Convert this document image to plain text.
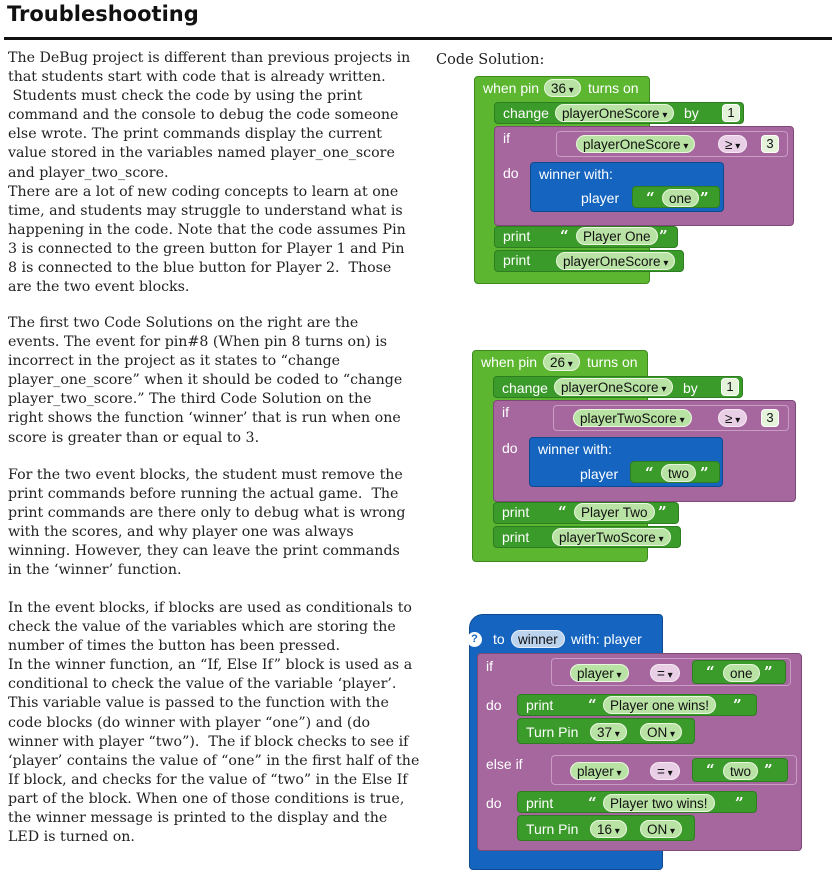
Troubleshooting

The DeBug project is different than previous projects in
that students start with code that is already written.
Students must check the code by using the print
command and the console to debug the code someone
else wrote. The print commands display the current
value stored in the variables named player_one_score
and player_two_score.
There are a lot of new coding concepts to learn at one
time, and students may struggle to understand what is
happening in the code. Note that the code assumes Pin
3 is connected to the green button for Player 1 and Pin
8 is connected to the blue button for Player 2.  Those
are the two event blocks.

The first two Code Solutions on the right are the
events. The event for pin#8 (When pin 8 turns on) is
incorrect in the project as it states to “change
player_one_score” when it should be coded to “change
player_two_score.” The third Code Solution on the
right shows the function ‘winner’ that is run when one
score is greater than or equal to 3.

For the two event blocks, the student must remove the
print commands before running the actual game.  The
print commands are there only to debug what is wrong
with the scores, and why player one was always
winning. However, they can leave the print commands
in the ‘winner’ function.

In the event blocks, if blocks are used as conditionals to
check the value of the variables which are storing the
number of times the button has been pressed.
In the winner function, an “If, Else If” block is used as a
conditional to check the value of the variable ‘player’.
This variable value is passed to the function with the
code blocks (do winner with player “one”) and (do
winner with player “two”).  The if block checks to see if
‘player’ contains the value of “one” in the first half of the
If block, and checks for the value of “two” in the Else If
part of the block. When one of those conditions is true,
the winner message is printed to the display and the
LED is turned on.

Code Solution:
when pin 36 ▾	turns on
change playerOneScore ▾	by	1
if	playerOneScore ▾	≥ ▾	3
do winner with:
player “	one ”
print “	Player One ”
print	playerOneScore ▾
when pin 26 ▾	turns on
change playerOneScore ▾	by	1
if	playerTwoScore ▾	≥ ▾	3
do winner with:
player “	two ”
print “	Player Two ”
print	playerTwoScore ▾
? to winner with: player
if	player ▾	= ▾	“	one ”
do print “ Player one wins!	”
Turn Pin	37 ▾	ON ▾
else if	player ▾	= ▾	“	two ”
do print “ Player two wins!	”
Turn Pin	16 ▾	ON ▾
